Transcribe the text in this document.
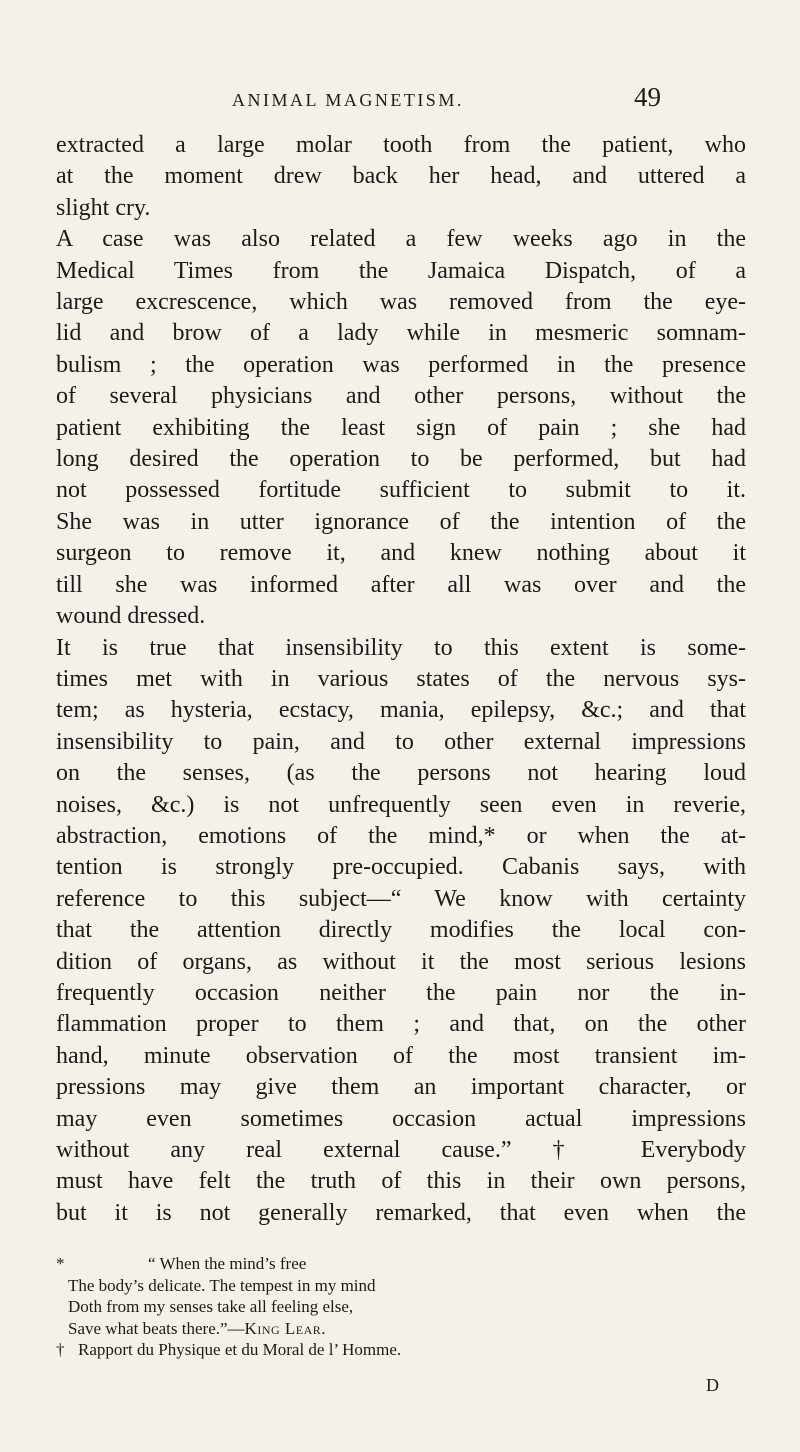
ANIMAL MAGNETISM.	49

extracted a large molar tooth from the patient, who

at the moment drew back her head, and uttered a

slight cry.

A case was also related a few weeks ago in the

Medical Times from the Jamaica Dispatch, of a

large excrescence, which was removed from the eye-

lid and brow of a lady while in mesmeric somnam-

bulism ; the operation was performed in the presence

of several physicians and other persons, without the

patient exhibiting the least sign of pain ; she had

long desired the operation to be performed, but had

not possessed fortitude sufficient to submit to it.

She was in utter ignorance of the intention of the

surgeon to remove it, and knew nothing about it

till she was informed after all was over and the

wound dressed.

It is true that insensibility to this extent is some-

times met with in various states of the nervous sys-

tem; as hysteria, ecstacy, mania, epilepsy, &c.; and that

insensibility to pain, and to other external impressions

on the senses, (as the persons not hearing loud

noises, &c.) is not unfrequently seen even in reverie,

abstraction, emotions of the mind,* or when the at-

tention is strongly pre-occupied. Cabanis says, with

reference to this subject—“ We know with certainty

that the attention directly modifies the local con-

dition of organs, as without it the most serious lesions

frequently occasion neither the pain nor the in-

flammation proper to them ; and that, on the other

hand, minute observation of the most transient im-

pressions may give them an important character, or

may even sometimes occasion actual impressions

without any real external cause.” † Everybody

must have felt the truth of this in their own persons,

but it is not generally remarked, that even when the

*	“ When the mind’s free
The body’s delicate. The tempest in my mind
Doth from my senses take all feeling else,
Save what beats there.”—King Lear.
† Rapport du Physique et du Moral de l’ Homme.
D
